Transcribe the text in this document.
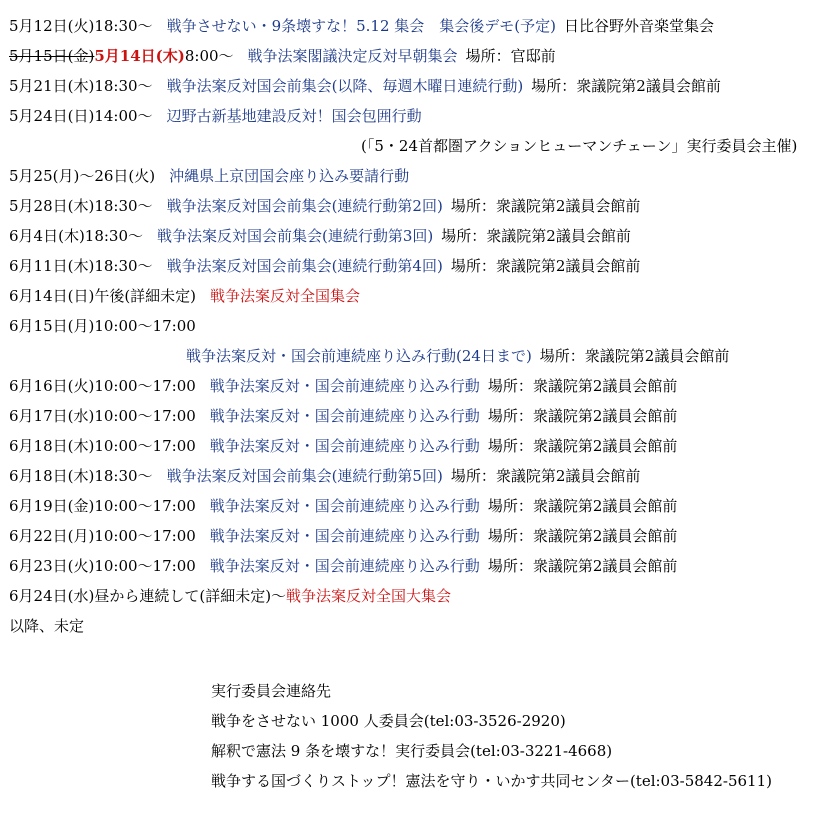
5月12日(火)18:30～ 戦争させない・9条壊すな！5.12 集会　集会後デモ(予定) 日比谷野外音楽堂集会
5月15日(金)5月14日(木)8:00～ 戦争法案閣議決定反対早朝集会 場所：官邸前
5月21日(木)18:30～ 戦争法案反対国会前集会(以降、毎週木曜日連続行動) 場所：衆議院第2議員会館前
5月24日(日)14:00～ 辺野古新基地建設反対！国会包囲行動
(「5・24首都圏アクションヒューマンチェーン」実行委員会主催)
5月25(月)～26日(火) 沖縄県上京団国会座り込み要請行動
5月28日(木)18:30～ 戦争法案反対国会前集会(連続行動第2回) 場所：衆議院第2議員会館前
6月4日(木)18:30～ 戦争法案反対国会前集会(連続行動第3回) 場所：衆議院第2議員会館前
6月11日(木)18:30～ 戦争法案反対国会前集会(連続行動第4回) 場所：衆議院第2議員会館前
6月14日(日)午後(詳細未定) 戦争法案反対全国集会
6月15日(月)10:00～17:00
戦争法案反対・国会前連続座り込み行動(24日まで) 場所：衆議院第2議員会館前
6月16日(火)10:00～17:00 戦争法案反対・国会前連続座り込み行動 場所：衆議院第2議員会館前
6月17日(水)10:00～17:00 戦争法案反対・国会前連続座り込み行動 場所：衆議院第2議員会館前
6月18日(木)10:00～17:00 戦争法案反対・国会前連続座り込み行動 場所：衆議院第2議員会館前
6月18日(木)18:30～ 戦争法案反対国会前集会(連続行動第5回) 場所：衆議院第2議員会館前
6月19日(金)10:00～17:00 戦争法案反対・国会前連続座り込み行動 場所：衆議院第2議員会館前
6月22日(月)10:00～17:00 戦争法案反対・国会前連続座り込み行動 場所：衆議院第2議員会館前
6月23日(火)10:00～17:00 戦争法案反対・国会前連続座り込み行動 場所：衆議院第2議員会館前
6月24日(水)昼から連続して(詳細未定)～戦争法案反対全国大集会
以降、未定
実行委員会連絡先
戦争をさせない 1000 人委員会(tel:03-3526-2920)
解釈で憲法 9 条を壊すな！実行委員会(tel:03-3221-4668)
戦争する国づくりストップ！憲法を守り・いかす共同センター(tel:03-5842-5611)
